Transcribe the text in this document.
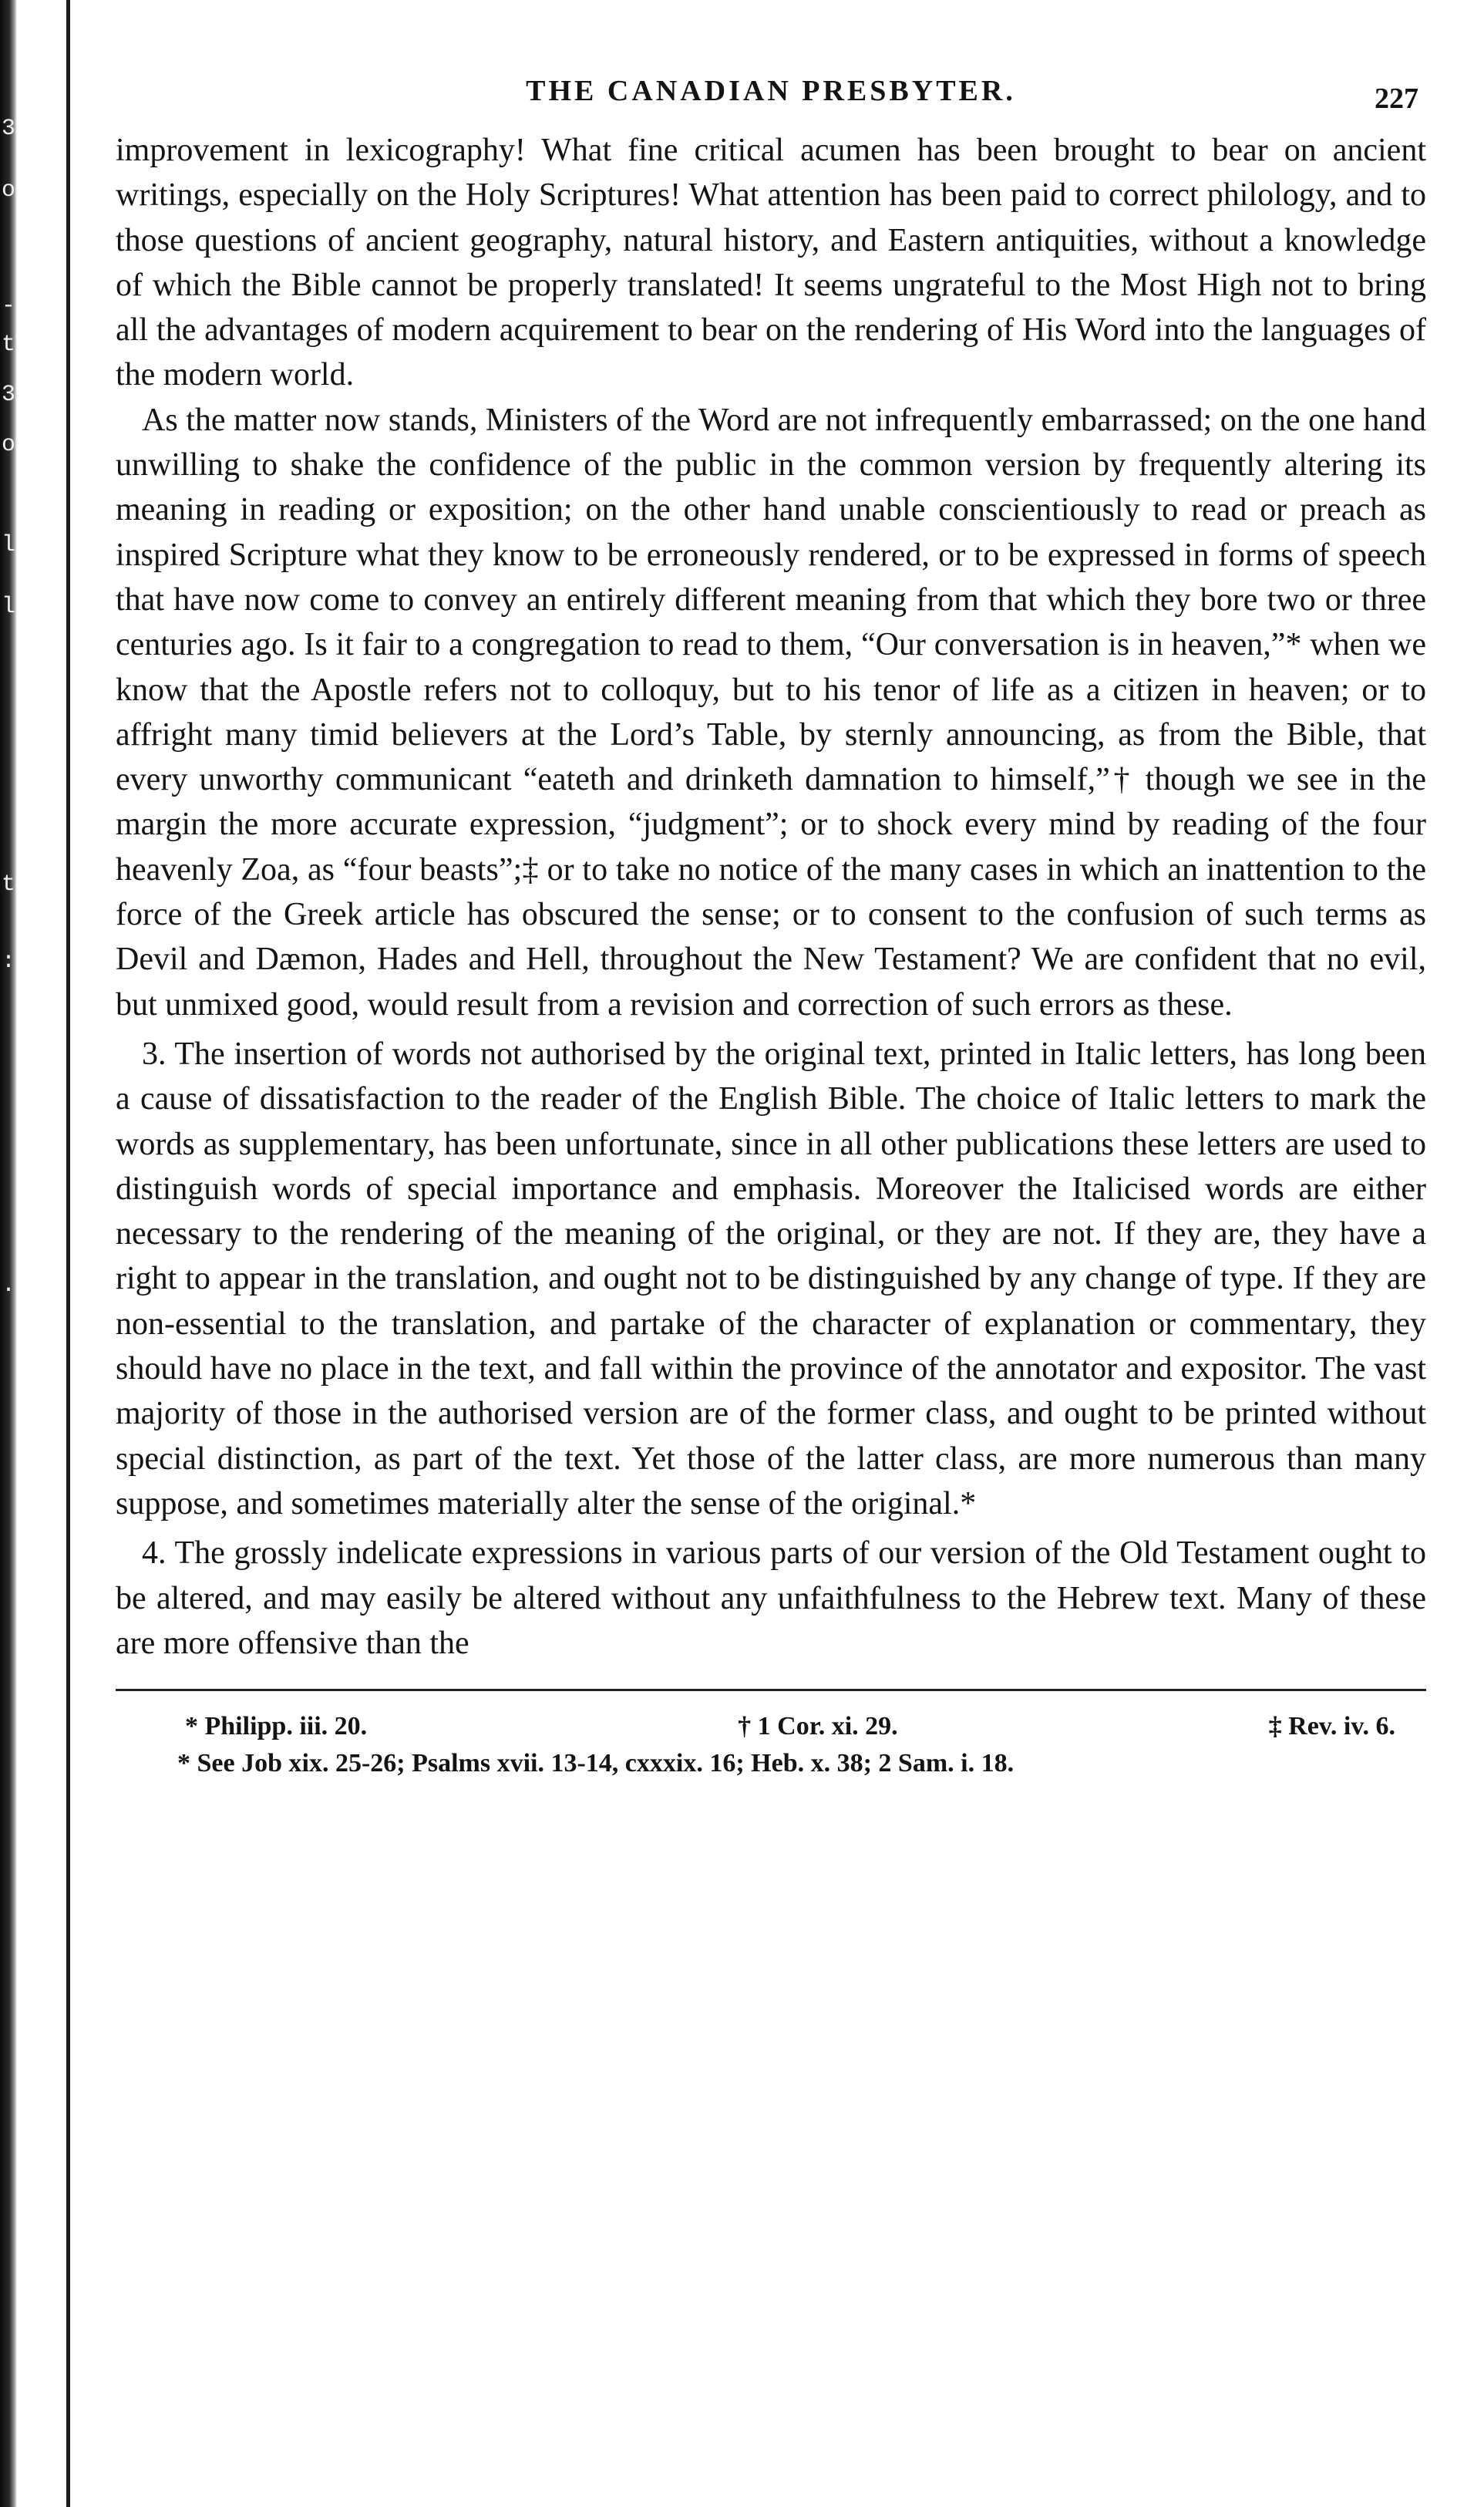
3
o
-
t
3
o
l
l
t
:
.
THE CANADIAN PRESBYTER.	227

improvement in lexicography! What fine critical acumen has been brought to bear on ancient writings, especially on the Holy Scriptures! What attention has been paid to correct philology, and to those questions of ancient geography, natural history, and Eastern antiquities, without a knowledge of which the Bible cannot be properly translated! It seems ungrateful to the Most High not to bring all the advantages of modern acquirement to bear on the rendering of His Word into the languages of the modern world.

As the matter now stands, Ministers of the Word are not infrequently embarrassed; on the one hand unwilling to shake the confidence of the public in the common version by frequently altering its meaning in reading or exposition; on the other hand unable conscientiously to read or preach as inspired Scripture what they know to be erroneously rendered, or to be expressed in forms of speech that have now come to convey an entirely different meaning from that which they bore two or three centuries ago. Is it fair to a congregation to read to them, “Our conversation is in heaven,”* when we know that the Apostle refers not to colloquy, but to his tenor of life as a citizen in heaven; or to affright many timid believers at the Lord’s Table, by sternly announcing, as from the Bible, that every unworthy communicant “eateth and drinketh damnation to himself,”† though we see in the margin the more accurate expression, “judgment”; or to shock every mind by reading of the four heavenly Zoa, as “four beasts”;‡ or to take no notice of the many cases in which an inattention to the force of the Greek article has obscured the sense; or to consent to the confusion of such terms as Devil and Dæmon, Hades and Hell, throughout the New Testament? We are confident that no evil, but unmixed good, would result from a revision and correction of such errors as these.

3. The insertion of words not authorised by the original text, printed in Italic letters, has long been a cause of dissatisfaction to the reader of the English Bible. The choice of Italic letters to mark the words as supplementary, has been unfortunate, since in all other publications these letters are used to distinguish words of special importance and emphasis. Moreover the Italicised words are either necessary to the rendering of the meaning of the original, or they are not. If they are, they have a right to appear in the translation, and ought not to be distinguished by any change of type. If they are non-essential to the translation, and partake of the character of explanation or commentary, they should have no place in the text, and fall within the province of the annotator and expositor. The vast majority of those in the authorised version are of the former class, and ought to be printed without special distinction, as part of the text. Yet those of the latter class, are more numerous than many suppose, and sometimes materially alter the sense of the original.*

4. The grossly indelicate expressions in various parts of our version of the Old Testament ought to be altered, and may easily be altered without any unfaithfulness to the Hebrew text. Many of these are more offensive than the

* Philipp. iii. 20.	† 1 Cor. xi. 29.	‡ Rev. iv. 6.
* See Job xix. 25-26; Psalms xvii. 13-14, cxxxix. 16; Heb. x. 38; 2 Sam. i. 18.
